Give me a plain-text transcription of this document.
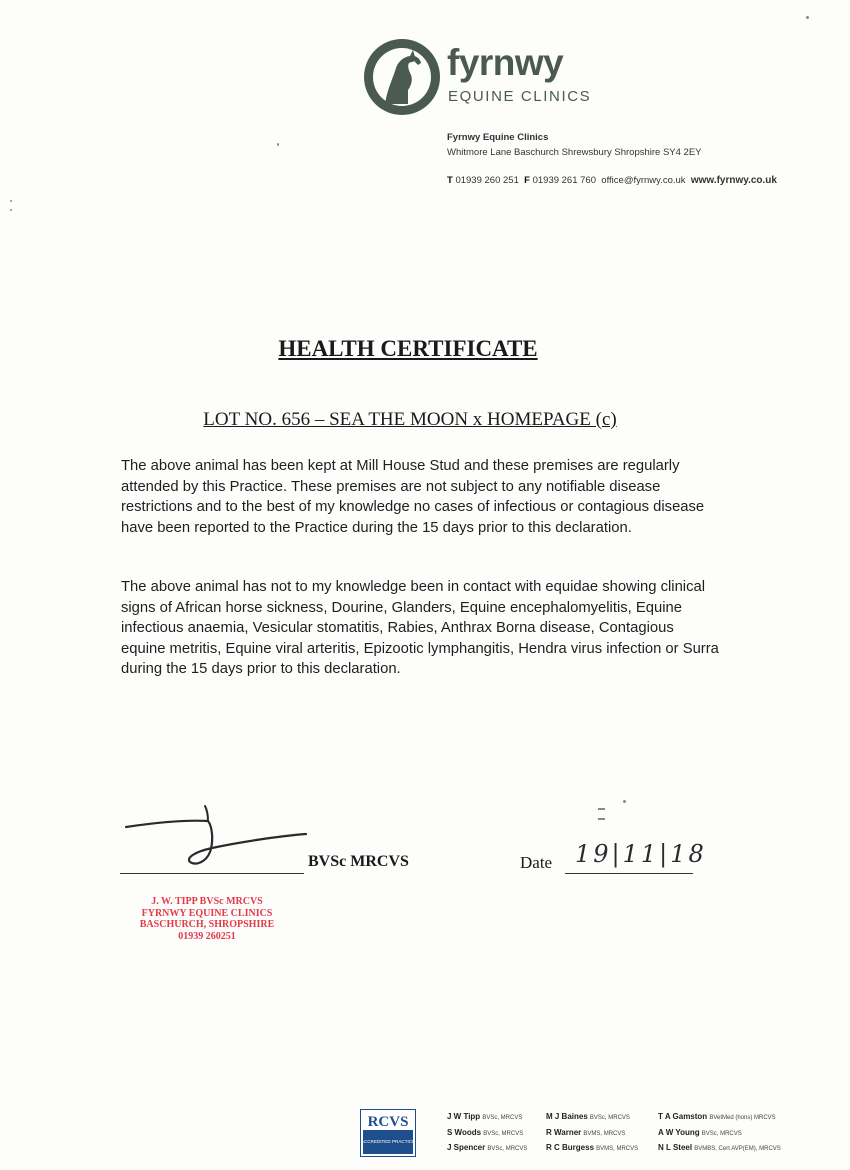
fyrnwy
EQUINE CLINICS
Fyrnwy Equine Clinics
Whitmore Lane Baschurch Shrewsbury Shropshire SY4 2EY
T 01939 260 251 F 01939 261 760 office@fyrnwy.co.uk www.fyrnwy.co.uk
HEALTH CERTIFICATE
LOT NO. 656 – SEA THE MOON x HOMEPAGE (c)
The above animal has been kept at Mill House Stud and these premises are regularly attended by this Practice. These premises are not subject to any notifiable disease restrictions and to the best of my knowledge no cases of infectious or contagious disease have been reported to the Practice during the 15 days prior to this declaration.
The above animal has not to my knowledge been in contact with equidae showing clinical signs of African horse sickness, Dourine, Glanders, Equine encephalomyelitis, Equine infectious anaemia, Vesicular stomatitis, Rabies, Anthrax Borna disease, Contagious equine metritis, Equine viral arteritis, Epizootic lymphangitis, Hendra virus infection or Surra during the 15 days prior to this declaration.
BVSc MRCVS	Date 19|11|18
J. W. TIPP BVSc MRCVS
FYRNWY EQUINE CLINICS
BASCHURCH, SHROPSHIRE
01939 260251
RCVS
ACCREDITED PRACTICE
J W Tipp BVSc, MRCVS
S Woods BVSc, MRCVS
J Spencer BVSc, MRCVS
M J Baines BVSc, MRCVS
R Warner BVMS, MRCVS
R C Burgess BVMS, MRCVS
T A Gamston BVetMed (hons) MRCVS
A W Young BVSc, MRCVS
N L Steel BVMBS, Cert AVP(EM), MRCVS
